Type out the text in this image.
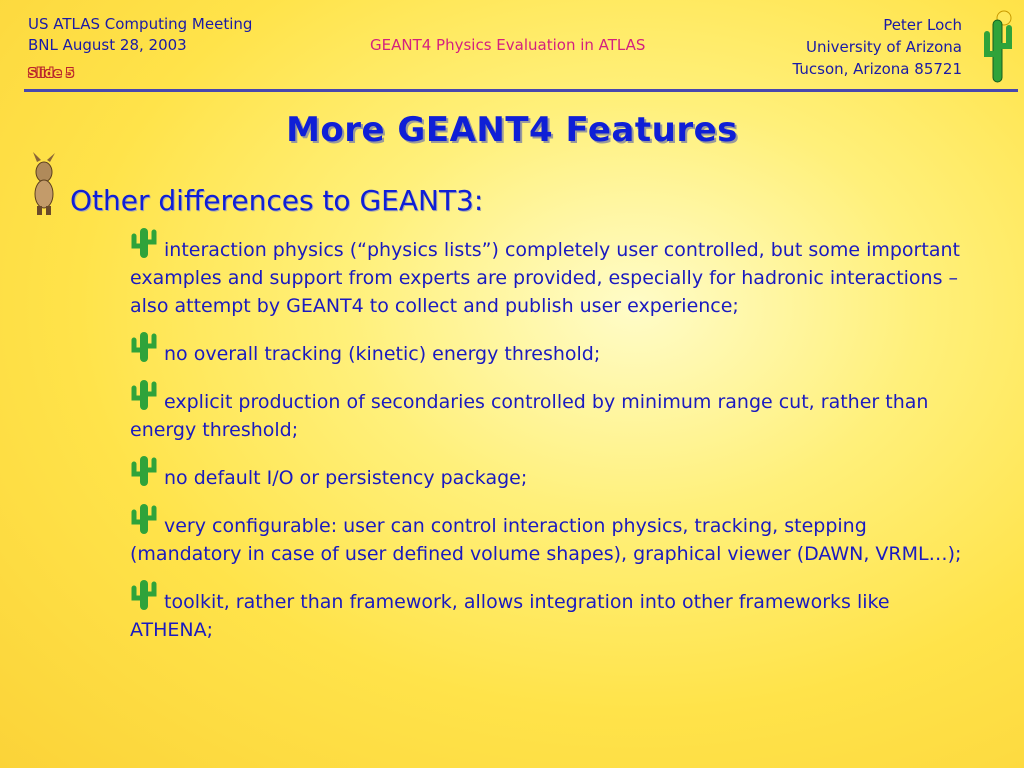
US ATLAS Computing Meeting
BNL August 28, 2003
Slide 5
GEANT4 Physics Evaluation in ATLAS
Peter Loch
University of Arizona
Tucson, Arizona 85721
More GEANT4 Features
Other differences to GEANT3:
interaction physics (“physics lists”) completely user controlled, but some important examples and support from experts are provided, especially for hadronic interactions – also attempt by GEANT4 to collect and publish user experience;
no overall tracking (kinetic) energy threshold;
explicit production of secondaries controlled by minimum range cut, rather than energy threshold;
no default I/O or persistency package;
very configurable: user can control interaction physics, tracking, stepping (mandatory in case of user defined volume shapes), graphical viewer (DAWN, VRML…);
toolkit, rather than framework, allows integration into other frameworks like ATHENA;
